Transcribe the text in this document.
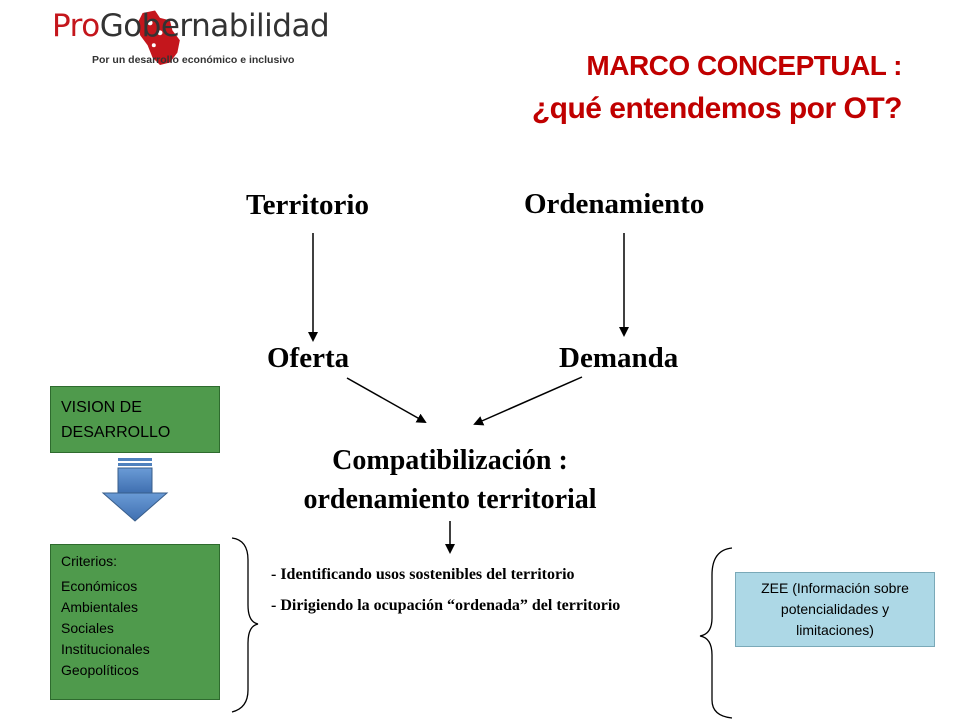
ProGobernabilidad
Por un desarrollo económico e inclusivo	MARCO CONCEPTUAL :
¿qué entendemos por OT?
Territorio	Ordenamiento
Oferta	Demanda
Compatibilización :
ordenamiento territorial

- Identificando usos sostenibles del territorio

- Dirigiendo la ocupación “ordenada” del territorio

VISION DE DESARROLLO
Criterios:
Económicos
Ambientales
Sociales
Institucionales
Geopolíticos
ZEE (Información sobre potencialidades y limitaciones)
